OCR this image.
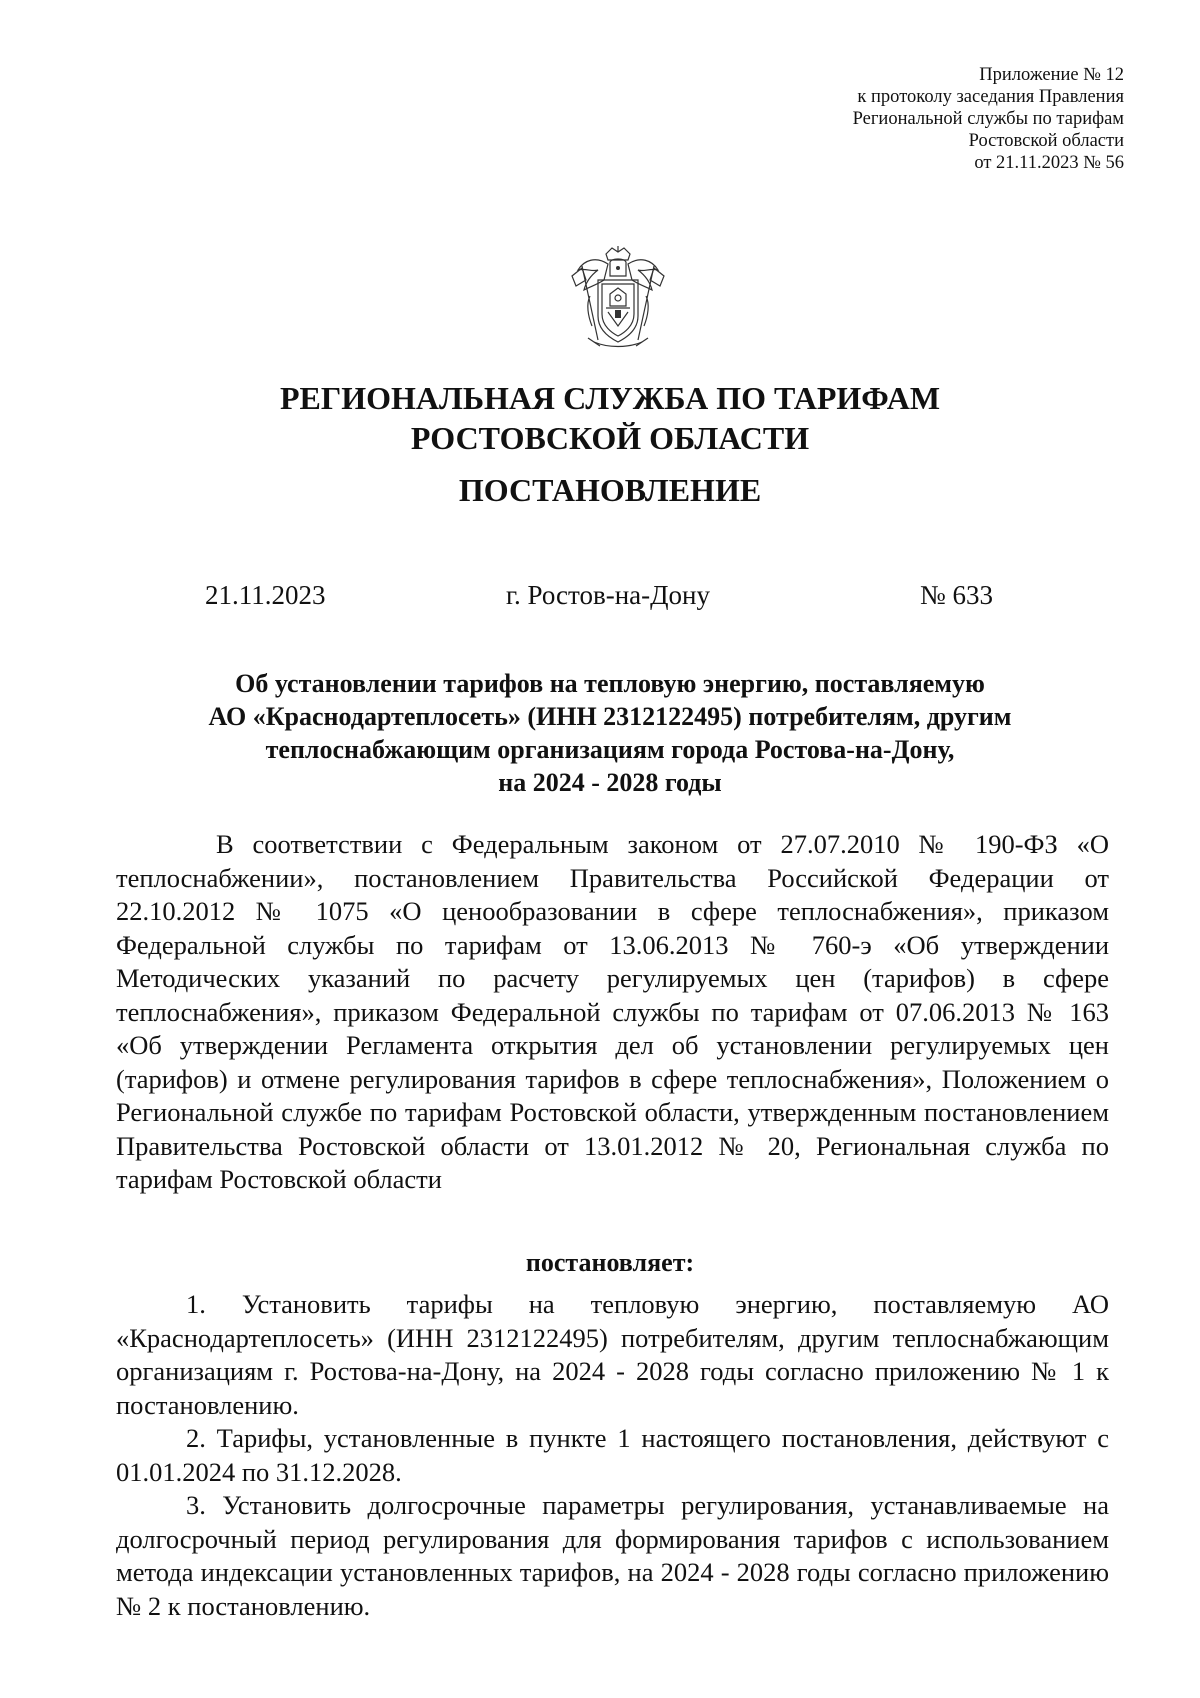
Приложение № 12
к протоколу заседания Правления
Региональной службы по тарифам
Ростовской области
от 21.11.2023 № 56
РЕГИОНАЛЬНАЯ СЛУЖБА ПО ТАРИФАМ
РОСТОВСКОЙ ОБЛАСТИ
ПОСТАНОВЛЕНИЕ
21.11.2023	г. Ростов-на-Дону	№ 633
Об установлении тарифов на тепловую энергию, поставляемую
АО «Краснодартеплосеть» (ИНН 2312122495) потребителям, другим
теплоснабжающим организациям города Ростова-на-Дону,
на 2024 - 2028 годы
В соответствии с Федеральным законом от 27.07.2010 № 190-ФЗ «О теплоснабжении», постановлением Правительства Российской Федерации от 22.10.2012 № 1075 «О ценообразовании в сфере теплоснабжения», приказом Федеральной службы по тарифам от 13.06.2013 № 760-э «Об утверждении Методических указаний по расчету регулируемых цен (тарифов) в сфере теплоснабжения», приказом Федеральной службы по тарифам от 07.06.2013 № 163 «Об утверждении Регламента открытия дел об установлении регулируемых цен (тарифов) и отмене регулирования тарифов в сфере теплоснабжения», Положением о Региональной службе по тарифам Ростовской области, утвержденным постановлением Правительства Ростовской области от 13.01.2012 № 20, Региональная служба по тарифам Ростовской области
постановляет:

1. Установить тарифы на тепловую энергию, поставляемую АО «Краснодартеплосеть» (ИНН 2312122495) потребителям, другим теплоснабжающим организациям г. Ростова-на-Дону, на 2024 - 2028 годы согласно приложению № 1 к постановлению.

2. Тарифы, установленные в пункте 1 настоящего постановления, действуют с 01.01.2024 по 31.12.2028.

3. Установить долгосрочные параметры регулирования, устанавливаемые на долгосрочный период регулирования для формирования тарифов с использованием метода индексации установленных тарифов, на 2024 - 2028 годы согласно приложению № 2 к постановлению.
